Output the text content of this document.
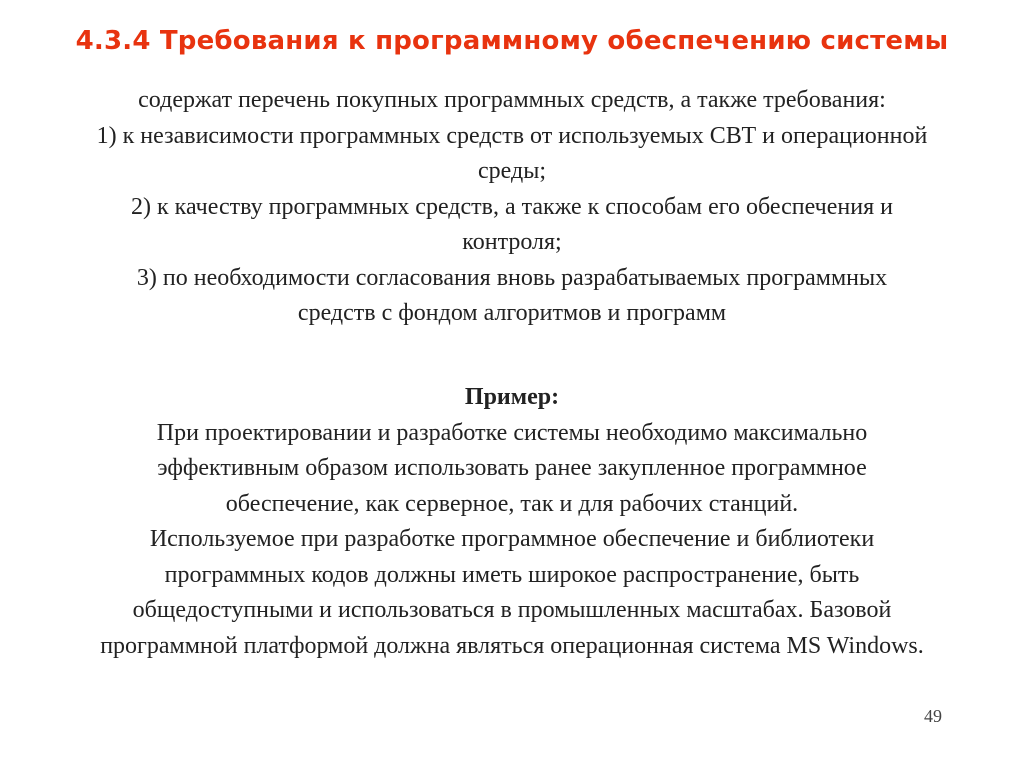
4.3.4 Требования к программному обеспечению системы
содержат перечень покупных программных средств, а также требования:
1) к независимости программных средств от используемых СВТ и операционной
среды;
2) к качеству программных средств, а также к способам его обеспечения и
контроля;
3) по необходимости согласования вновь разрабатываемых программных
средств с фондом алгоритмов и программ
Пример:
При проектировании и разработке системы необходимо максимально
эффективным образом использовать ранее закупленное программное
обеспечение, как серверное, так и для рабочих станций.
Используемое при разработке программное обеспечение и библиотеки
программных кодов должны иметь широкое распространение, быть
общедоступными и использоваться в промышленных масштабах. Базовой
программной платформой должна являться операционная система MS Windows.
49
